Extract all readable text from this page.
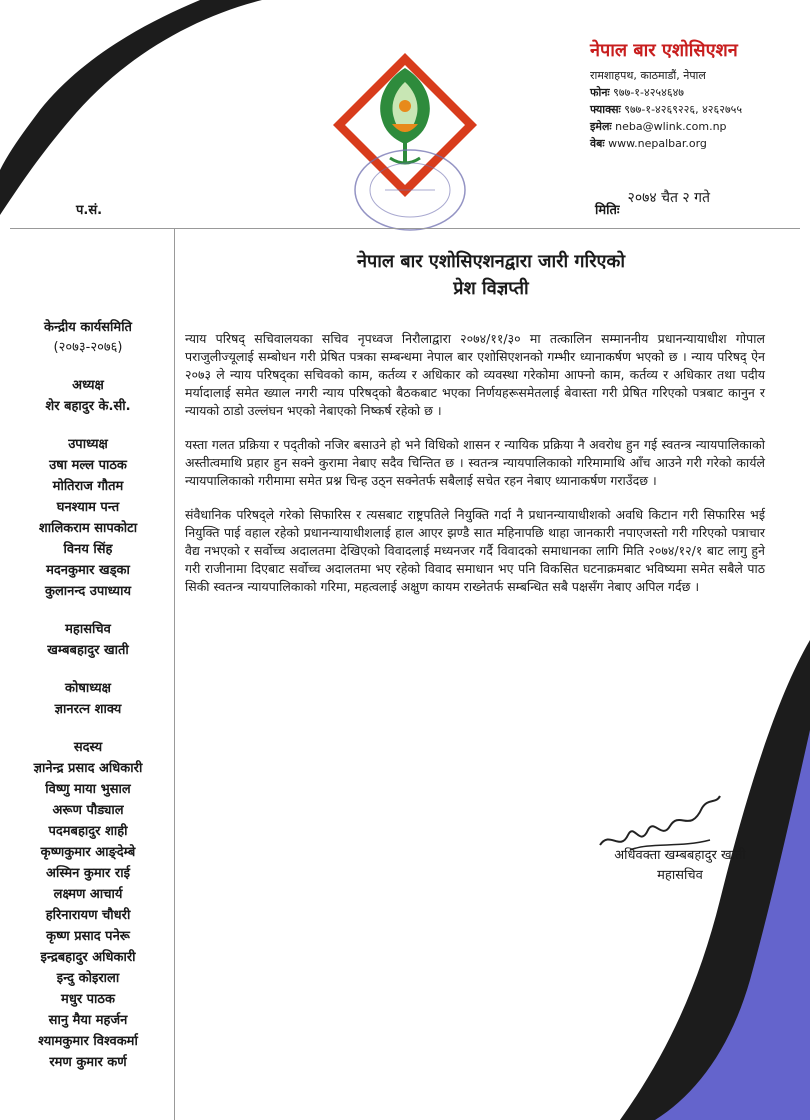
नेपाल बार एशोसिएशन
रामशाहपथ, काठमाडौं, नेपाल
फोनः ९७७-१-४२५४६४७
फ्याक्सः ९७७-१-४२६९२२६, ४२६२७५५
इमेलः neba@wlink.com.np
वेबः www.nepalbar.org
प.सं.	मितिः२०७४ चैत २ गते
केन्द्रीय कार्यसमिति
(२०७३-२०७६)
अध्यक्ष
शेर बहादुर के.सी.
उपाध्यक्ष
उषा मल्ल पाठक
मोतिराज गौतम
घनश्याम पन्त
शालिकराम सापकोटा
विनय सिंह
मदनकुमार खड्का
कुलानन्द उपाध्याय
महासचिव
खम्बबहादुर खाती
कोषाध्यक्ष
ज्ञानरत्न शाक्य
सदस्य
ज्ञानेन्द्र प्रसाद अधिकारी
विष्णु माया भुसाल
अरूण पौड्याल
पदमबहादुर शाही
कृष्णकुमार आङ्देम्बे
अस्मिन कुमार राई
लक्ष्मण आचार्य
हरिनारायण चौधरी
कृष्ण प्रसाद पनेरू
इन्द्रबहादुर अधिकारी
इन्दु कोइराला
मधुर पाठक
सानु मैया महर्जन
श्यामकुमार विश्वकर्मा
रमण कुमार कर्ण
नेपाल बार एशोसिएशनद्वारा जारी गरिएको
प्रेश विज्ञप्ती

न्याय परिषद् सचिवालयका सचिव नृपध्वज निरौलाद्वारा २०७४/११/३० मा तत्कालिन सम्माननीय प्रधानन्यायाधीश गोपाल पराजुलीज्यूलाई सम्बोधन गरी प्रेषित पत्रका सम्बन्धमा नेपाल बार एशोसिएशनको गम्भीर ध्यानाकर्षण भएको छ । न्याय परिषद् ऐन २०७३ ले न्याय परिषद्का सचिवको काम, कर्तव्य र अधिकार को व्यवस्था गरेकोमा आफ्नो काम, कर्तव्य र अधिकार तथा पदीय मर्यादालाई समेत ख्याल नगरी न्याय परिषद्को बैठकबाट भएका निर्णयहरूसमेतलाई बेवास्ता गरी प्रेषित गरिएको पत्रबाट कानुन र न्यायको ठाडो उल्लंघन भएको नेबाएको निष्कर्ष रहेको छ ।

यस्ता गलत प्रक्रिया र पद्तीको नजिर बसाउने हो भने विधिको शासन र न्यायिक प्रक्रिया नै अवरोध हुन गई स्वतन्त्र न्यायपालिकाको अस्तीत्वमाथि प्रहार हुन सक्ने कुरामा नेबाए सदैव चिन्तित छ । स्वतन्त्र न्यायपालिकाको गरिमामाथि आँच आउने गरी गरेको कार्यले न्यायपालिकाको गरीमामा समेत प्रश्न चिन्ह उठ्न सक्नेतर्फ सबैलाई सचेत रहन नेबाए ध्यानाकर्षण गराउँदछ ।

संवैधानिक परिषद्ले गरेको सिफारिस र त्यसबाट राष्ट्रपतिले नियुक्ति गर्दा नै प्रधानन्यायाधीशको अवधि किटान गरी सिफारिस भई नियुक्ति पाई वहाल रहेको प्रधानन्यायाधीशलाई हाल आएर झण्डै सात महिनापछि थाहा जानकारी नपाएजस्तो गरी गरिएको पत्राचार वैद्य नभएको र सर्वोच्च अदालतमा देखिएको विवादलाई मध्यनजर गर्दै विवादको समाधानका लागि मिति २०७४/१२/१ बाट लागु हुने गरी राजीनामा दिएबाट सर्वोच्च अदालतमा भए रहेको विवाद समाधान भए पनि विकसित घटनाक्रमबाट भविष्यमा समेत सबैले पाठ सिकी स्वतन्त्र न्यायपालिकाको गरिमा, महत्वलाई अक्षुण कायम राख्नेतर्फ सम्बन्धित सबै पक्षसँग नेबाए अपिल गर्दछ ।

अधिवक्ता खम्बबहादुर खाती
महासचिव
